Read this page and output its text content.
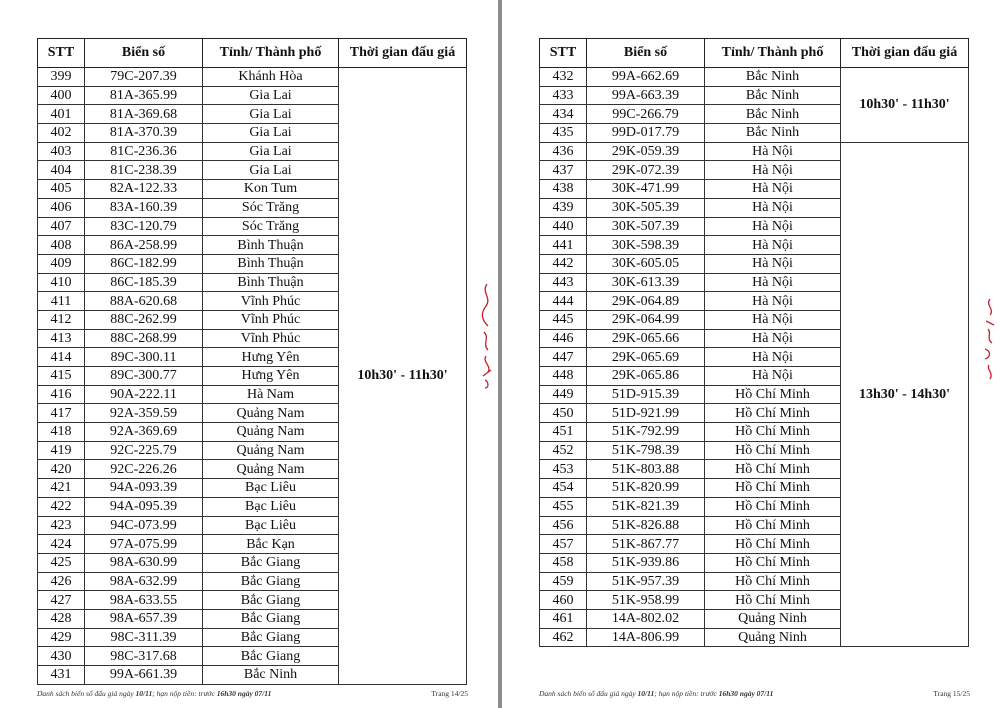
STT	Biển số	Tỉnh/ Thành phố	Thời gian đấu giá
399	79C-207.39	Khánh Hòa	10h30' - 11h30'
400	81A-365.99	Gia Lai	
401	81A-369.68	Gia Lai	
402	81A-370.39	Gia Lai	
403	81C-236.36	Gia Lai	
404	81C-238.39	Gia Lai	
405	82A-122.33	Kon Tum	
406	83A-160.39	Sóc Trăng	
407	83C-120.79	Sóc Trăng	
408	86A-258.99	Bình Thuận	
409	86C-182.99	Bình Thuận	
410	86C-185.39	Bình Thuận	
411	88A-620.68	Vĩnh Phúc	
412	88C-262.99	Vĩnh Phúc	
413	88C-268.99	Vĩnh Phúc	
414	89C-300.11	Hưng Yên	
415	89C-300.77	Hưng Yên	
416	90A-222.11	Hà Nam	
417	92A-359.59	Quảng Nam	
418	92A-369.69	Quảng Nam	
419	92C-225.79	Quảng Nam	
420	92C-226.26	Quảng Nam	
421	94A-093.39	Bạc Liêu	
422	94A-095.39	Bạc Liêu	
423	94C-073.99	Bạc Liêu	
424	97A-075.99	Bắc Kạn	
425	98A-630.99	Bắc Giang	
426	98A-632.99	Bắc Giang	
427	98A-633.55	Bắc Giang	
428	98A-657.39	Bắc Giang	
429	98C-311.39	Bắc Giang	
430	98C-317.68	Bắc Giang	
431	99A-661.39	Bắc Ninh	
Danh sách biển số đấu giá ngày 10/11; hạn nộp tiền: trước 16h30 ngày 07/11	Trang 14/25
STT	Biển số	Tỉnh/ Thành phố	Thời gian đấu giá
432	99A-662.69	Bắc Ninh	10h30' - 11h30'
433	99A-663.39	Bắc Ninh	
434	99C-266.79	Bắc Ninh	
435	99D-017.79	Bắc Ninh	
436	29K-059.39	Hà Nội	13h30' - 14h30'
437	29K-072.39	Hà Nội	
438	30K-471.99	Hà Nội	
439	30K-505.39	Hà Nội	
440	30K-507.39	Hà Nội	
441	30K-598.39	Hà Nội	
442	30K-605.05	Hà Nội	
443	30K-613.39	Hà Nội	
444	29K-064.89	Hà Nội	
445	29K-064.99	Hà Nội	
446	29K-065.66	Hà Nội	
447	29K-065.69	Hà Nội	
448	29K-065.86	Hà Nội	
449	51D-915.39	Hồ Chí Minh	
450	51D-921.99	Hồ Chí Minh	
451	51K-792.99	Hồ Chí Minh	
452	51K-798.39	Hồ Chí Minh	
453	51K-803.88	Hồ Chí Minh	
454	51K-820.99	Hồ Chí Minh	
455	51K-821.39	Hồ Chí Minh	
456	51K-826.88	Hồ Chí Minh	
457	51K-867.77	Hồ Chí Minh	
458	51K-939.86	Hồ Chí Minh	
459	51K-957.39	Hồ Chí Minh	
460	51K-958.99	Hồ Chí Minh	
461	14A-802.02	Quảng Ninh	
462	14A-806.99	Quảng Ninh	
Danh sách biển số đấu giá ngày 10/11; hạn nộp tiền: trước 16h30 ngày 07/11	Trang 15/25
